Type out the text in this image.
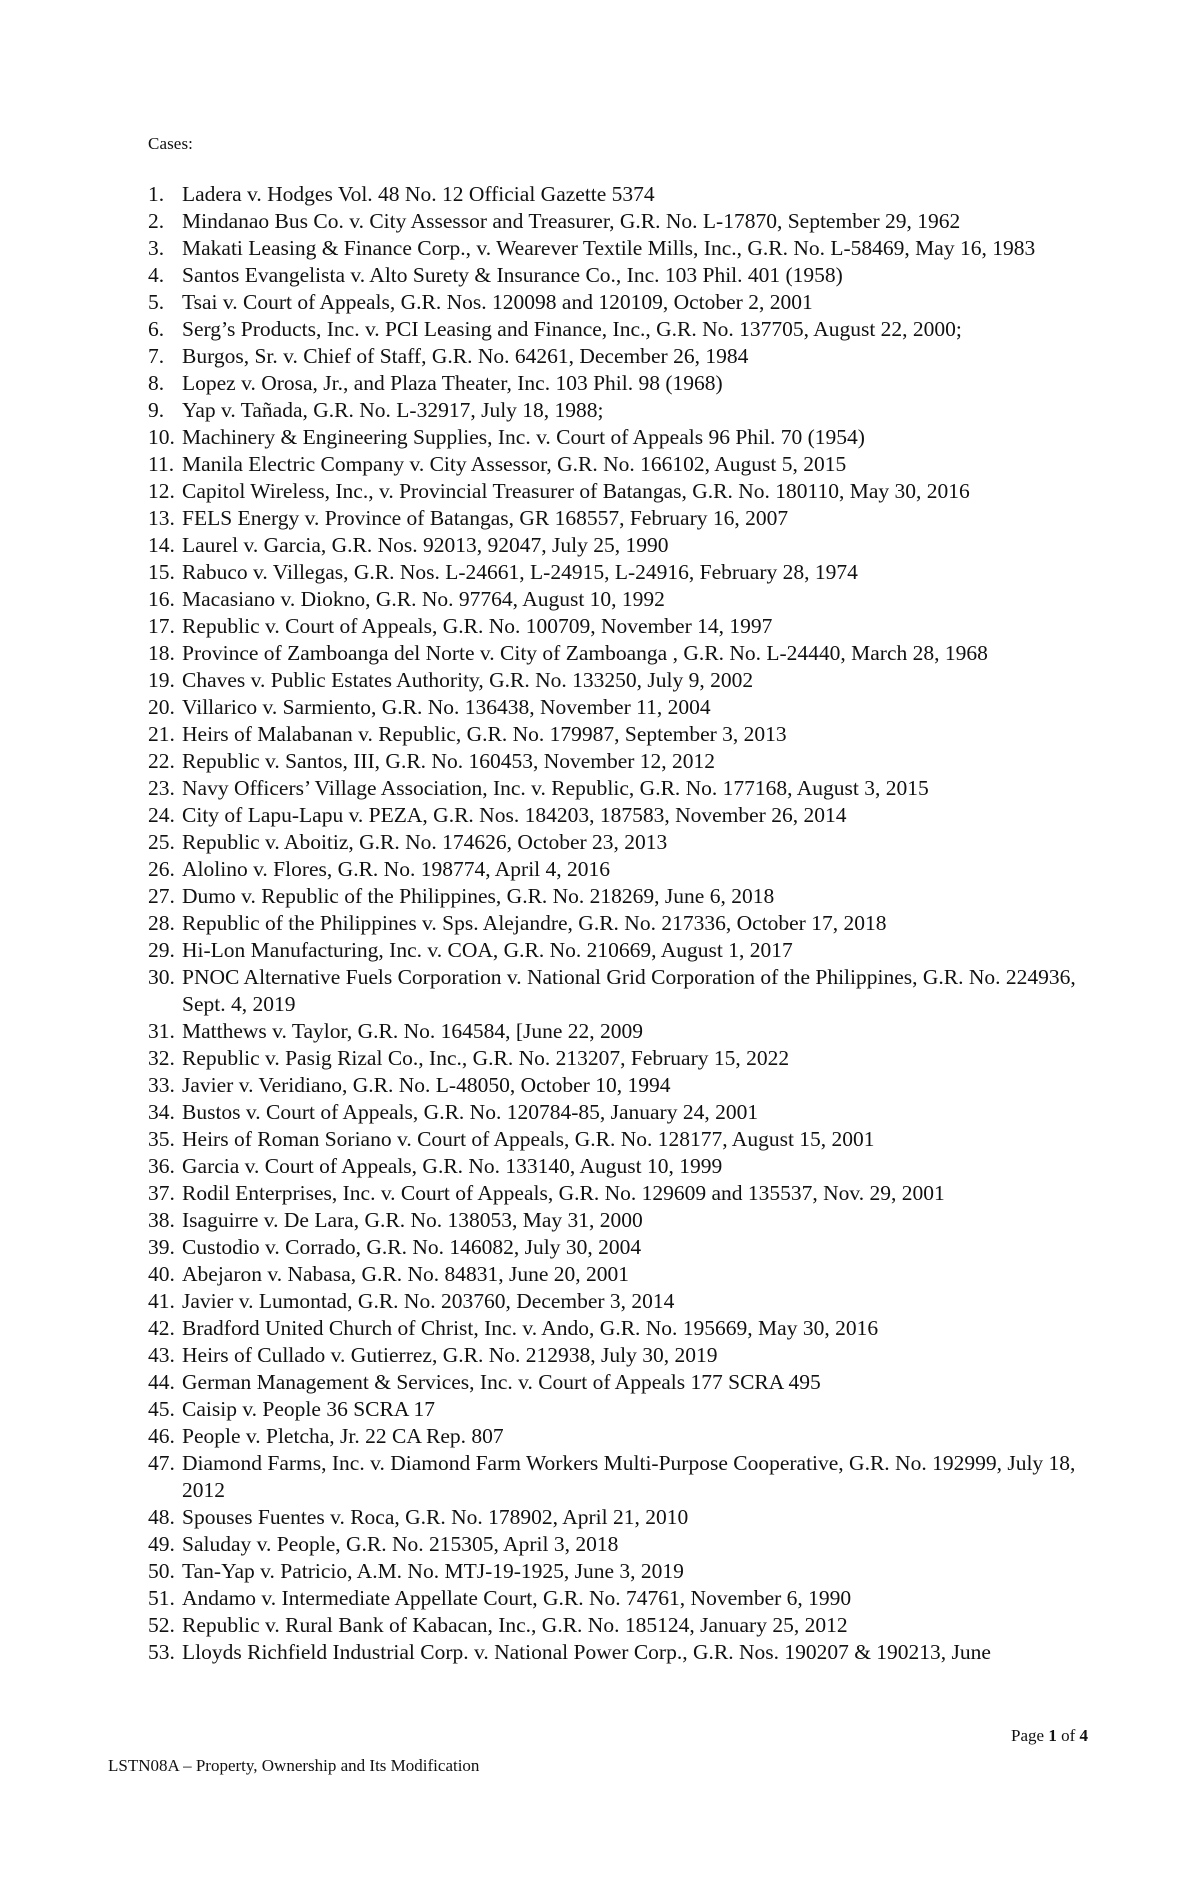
Cases:
1. Ladera v. Hodges Vol. 48 No. 12 Official Gazette 5374
2. Mindanao Bus Co. v. City Assessor and Treasurer, G.R. No. L-17870, September 29, 1962
3. Makati Leasing & Finance Corp., v. Wearever Textile Mills, Inc., G.R. No. L-58469, May 16, 1983
4. Santos Evangelista v. Alto Surety & Insurance Co., Inc. 103 Phil. 401 (1958)
5. Tsai v. Court of Appeals, G.R. Nos. 120098 and 120109, October 2, 2001
6. Serg’s Products, Inc. v. PCI Leasing and Finance, Inc., G.R. No. 137705, August 22, 2000;
7. Burgos, Sr. v. Chief of Staff, G.R. No. 64261, December 26, 1984
8. Lopez v. Orosa, Jr., and Plaza Theater, Inc. 103 Phil. 98 (1968)
9. Yap v. Tañada, G.R. No. L-32917, July 18, 1988;
10. Machinery & Engineering Supplies, Inc. v. Court of Appeals 96 Phil. 70 (1954)
11. Manila Electric Company v. City Assessor, G.R. No. 166102, August 5, 2015
12. Capitol Wireless, Inc., v. Provincial Treasurer of Batangas, G.R. No. 180110, May 30, 2016
13. FELS Energy v. Province of Batangas, GR 168557, February 16, 2007
14. Laurel v. Garcia, G.R. Nos. 92013, 92047, July 25, 1990
15. Rabuco v. Villegas, G.R. Nos. L-24661, L-24915, L-24916, February 28, 1974
16. Macasiano v. Diokno, G.R. No. 97764, August 10, 1992
17. Republic v. Court of Appeals, G.R. No. 100709, November 14, 1997
18. Province of Zamboanga del Norte v. City of Zamboanga , G.R. No. L-24440, March 28, 1968
19. Chaves v. Public Estates Authority, G.R. No. 133250, July 9, 2002
20. Villarico v. Sarmiento, G.R. No. 136438, November 11, 2004
21. Heirs of Malabanan v. Republic, G.R. No. 179987, September 3, 2013
22. Republic v. Santos, III, G.R. No. 160453, November 12, 2012
23. Navy Officers’ Village Association, Inc. v. Republic, G.R. No. 177168, August 3, 2015
24. City of Lapu-Lapu v. PEZA, G.R. Nos. 184203, 187583, November 26, 2014
25. Republic v. Aboitiz, G.R. No. 174626, October 23, 2013
26. Alolino v. Flores, G.R. No. 198774, April 4, 2016
27. Dumo v. Republic of the Philippines, G.R. No. 218269, June 6, 2018
28. Republic of the Philippines v. Sps. Alejandre, G.R. No. 217336, October 17, 2018
29. Hi-Lon Manufacturing, Inc. v. COA, G.R. No. 210669, August 1, 2017
30. PNOC Alternative Fuels Corporation v. National Grid Corporation of the Philippines, G.R. No. 224936, Sept. 4, 2019
31. Matthews v. Taylor, G.R. No. 164584, [June 22, 2009
32. Republic v. Pasig Rizal Co., Inc., G.R. No. 213207, February 15, 2022
33. Javier v. Veridiano, G.R. No. L-48050, October 10, 1994
34. Bustos v. Court of Appeals, G.R. No. 120784-85, January 24, 2001
35. Heirs of Roman Soriano v. Court of Appeals, G.R. No. 128177, August 15, 2001
36. Garcia v. Court of Appeals, G.R. No. 133140, August 10, 1999
37. Rodil Enterprises, Inc. v. Court of Appeals, G.R. No. 129609 and 135537, Nov. 29, 2001
38. Isaguirre v. De Lara, G.R. No. 138053, May 31, 2000
39. Custodio v. Corrado, G.R. No. 146082, July 30, 2004
40. Abejaron v. Nabasa, G.R. No. 84831, June 20, 2001
41. Javier v. Lumontad, G.R. No. 203760, December 3, 2014
42. Bradford United Church of Christ, Inc. v. Ando, G.R. No. 195669, May 30, 2016
43. Heirs of Cullado v. Gutierrez, G.R. No. 212938, July 30, 2019
44. German Management & Services, Inc. v. Court of Appeals 177 SCRA 495
45. Caisip v. People 36 SCRA 17
46. People v. Pletcha, Jr. 22 CA Rep. 807
47. Diamond Farms, Inc. v. Diamond Farm Workers Multi-Purpose Cooperative, G.R. No. 192999, July 18, 2012
48. Spouses Fuentes v. Roca, G.R. No. 178902, April 21, 2010
49. Saluday v. People, G.R. No. 215305, April 3, 2018
50. Tan-Yap v. Patricio, A.M. No. MTJ-19-1925, June 3, 2019
51. Andamo v. Intermediate Appellate Court, G.R. No. 74761, November 6, 1990
52. Republic v. Rural Bank of Kabacan, Inc., G.R. No. 185124, January 25, 2012
53. Lloyds Richfield Industrial Corp. v. National Power Corp., G.R. Nos. 190207 & 190213, June
Page 1 of 4
LSTN08A – Property, Ownership and Its Modification
